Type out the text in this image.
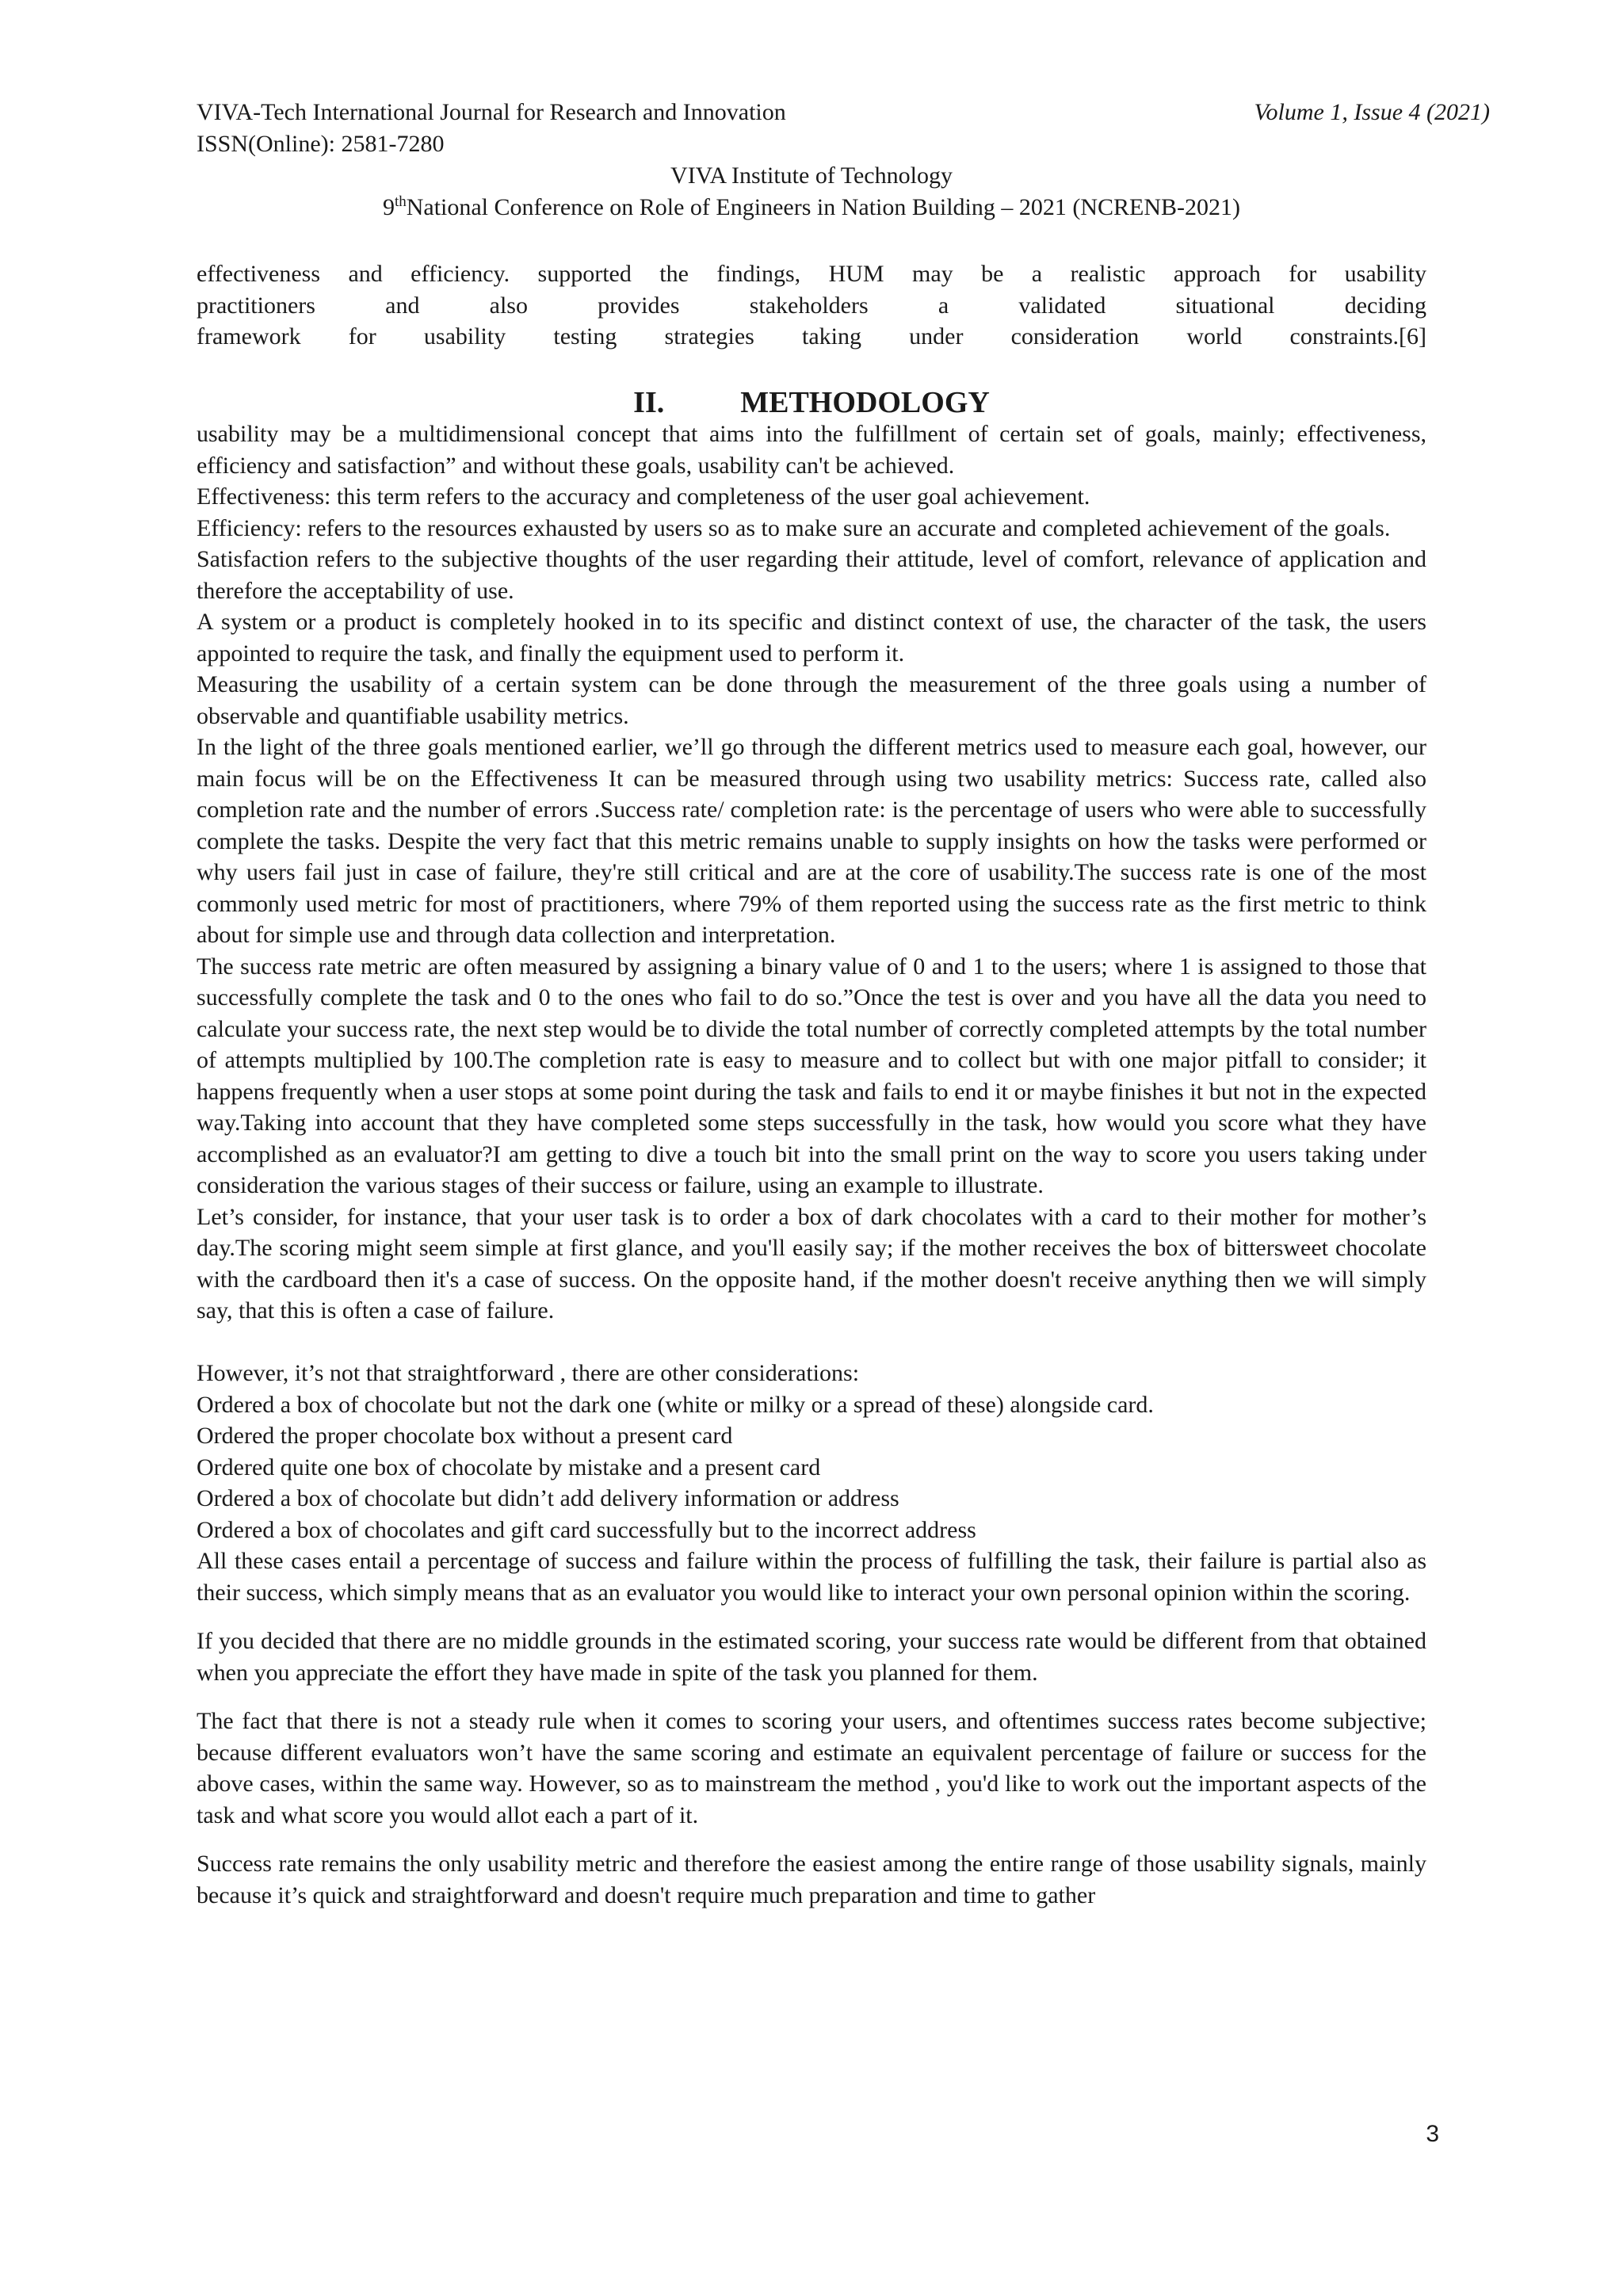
VIVA-Tech International Journal for Research and Innovation	Volume 1, Issue 4 (2021)
ISSN(Online): 2581-7280
VIVA Institute of Technology
9thNational Conference on Role of Engineers in Nation Building – 2021 (NCRENB-2021)

effectiveness and efficiency. supported the findings, HUM may be a realistic approach for usability

practitioners and also provides stakeholders a validated situational deciding

framework for usability testing strategies taking under consideration world constraints.[6]

II.	METHODOLOGY

usability may be a multidimensional concept that aims into the fulfillment of certain set of goals, mainly; effectiveness, efficiency and satisfaction” and without these goals, usability can't be achieved.

Effectiveness: this term refers to the accuracy and completeness of the user goal achievement.

Efficiency: refers to the resources exhausted by users so as to make sure an accurate and completed achievement of the goals.

Satisfaction refers to the subjective thoughts of the user regarding their attitude, level of comfort, relevance of application and therefore the acceptability of use.

A system or a product is completely hooked in to its specific and distinct context of use, the character of the task, the users appointed to require the task, and finally the equipment used to perform it.

Measuring the usability of a certain system can be done through the measurement of the three goals using a number of observable and quantifiable usability metrics.

In the light of the three goals mentioned earlier, we’ll go through the different metrics used to measure each goal, however, our main focus will be on the Effectiveness It can be measured through using two usability metrics: Success rate, called also completion rate and the number of errors .Success rate/ completion rate: is the percentage of users who were able to successfully complete the tasks. Despite the very fact that this metric remains unable to supply insights on how the tasks were performed or why users fail just in case of failure, they're still critical and are at the core of usability.The success rate is one of the most commonly used metric for most of practitioners, where 79% of them reported using the success rate as the first metric to think about for simple use and through data collection and interpretation.

The success rate metric are often measured by assigning a binary value of 0 and 1 to the users; where 1 is assigned to those that successfully complete the task and 0 to the ones who fail to do so.”Once the test is over and you have all the data you need to calculate your success rate, the next step would be to divide the total number of correctly completed attempts by the total number of attempts multiplied by 100.The completion rate is easy to measure and to collect but with one major pitfall to consider; it happens frequently when a user stops at some point during the task and fails to end it or maybe finishes it but not in the expected way.Taking into account that they have completed some steps successfully in the task, how would you score what they have accomplished as an evaluator?I am getting to dive a touch bit into the small print on the way to score you users taking under consideration the various stages of their success or failure, using an example to illustrate.

Let’s consider, for instance, that your user task is to order a box of dark chocolates with a card to their mother for mother’s day.The scoring might seem simple at first glance, and you'll easily say; if the mother receives the box of bittersweet chocolate with the cardboard then it's a case of success. On the opposite hand, if the mother doesn't receive anything then we will simply say, that this is often a case of failure.

However, it’s not that straightforward , there are other considerations:

Ordered a box of chocolate but not the dark one (white or milky or a spread of these) alongside card.

Ordered the proper chocolate box without a present card

Ordered quite one box of chocolate by mistake and a present card

Ordered a box of chocolate but didn’t add delivery information or address

Ordered a box of chocolates and gift card successfully but to the incorrect address

All these cases entail a percentage of success and failure within the process of fulfilling the task, their failure is partial also as their success, which simply means that as an evaluator you would like to interact your own personal opinion within the scoring.

If you decided that there are no middle grounds in the estimated scoring, your success rate would be different from that obtained when you appreciate the effort they have made in spite of the task you planned for them.

The fact that there is not a steady rule when it comes to scoring your users, and oftentimes success rates become subjective; because different evaluators won’t have the same scoring and estimate an equivalent percentage of failure or success for the above cases, within the same way. However, so as to mainstream the method , you'd like to work out the important aspects of the task and what score you would allot each a part of it.

Success rate remains the only usability metric and therefore the easiest among the entire range of those usability signals, mainly because it’s quick and straightforward and doesn't require much preparation and time to gather

3
